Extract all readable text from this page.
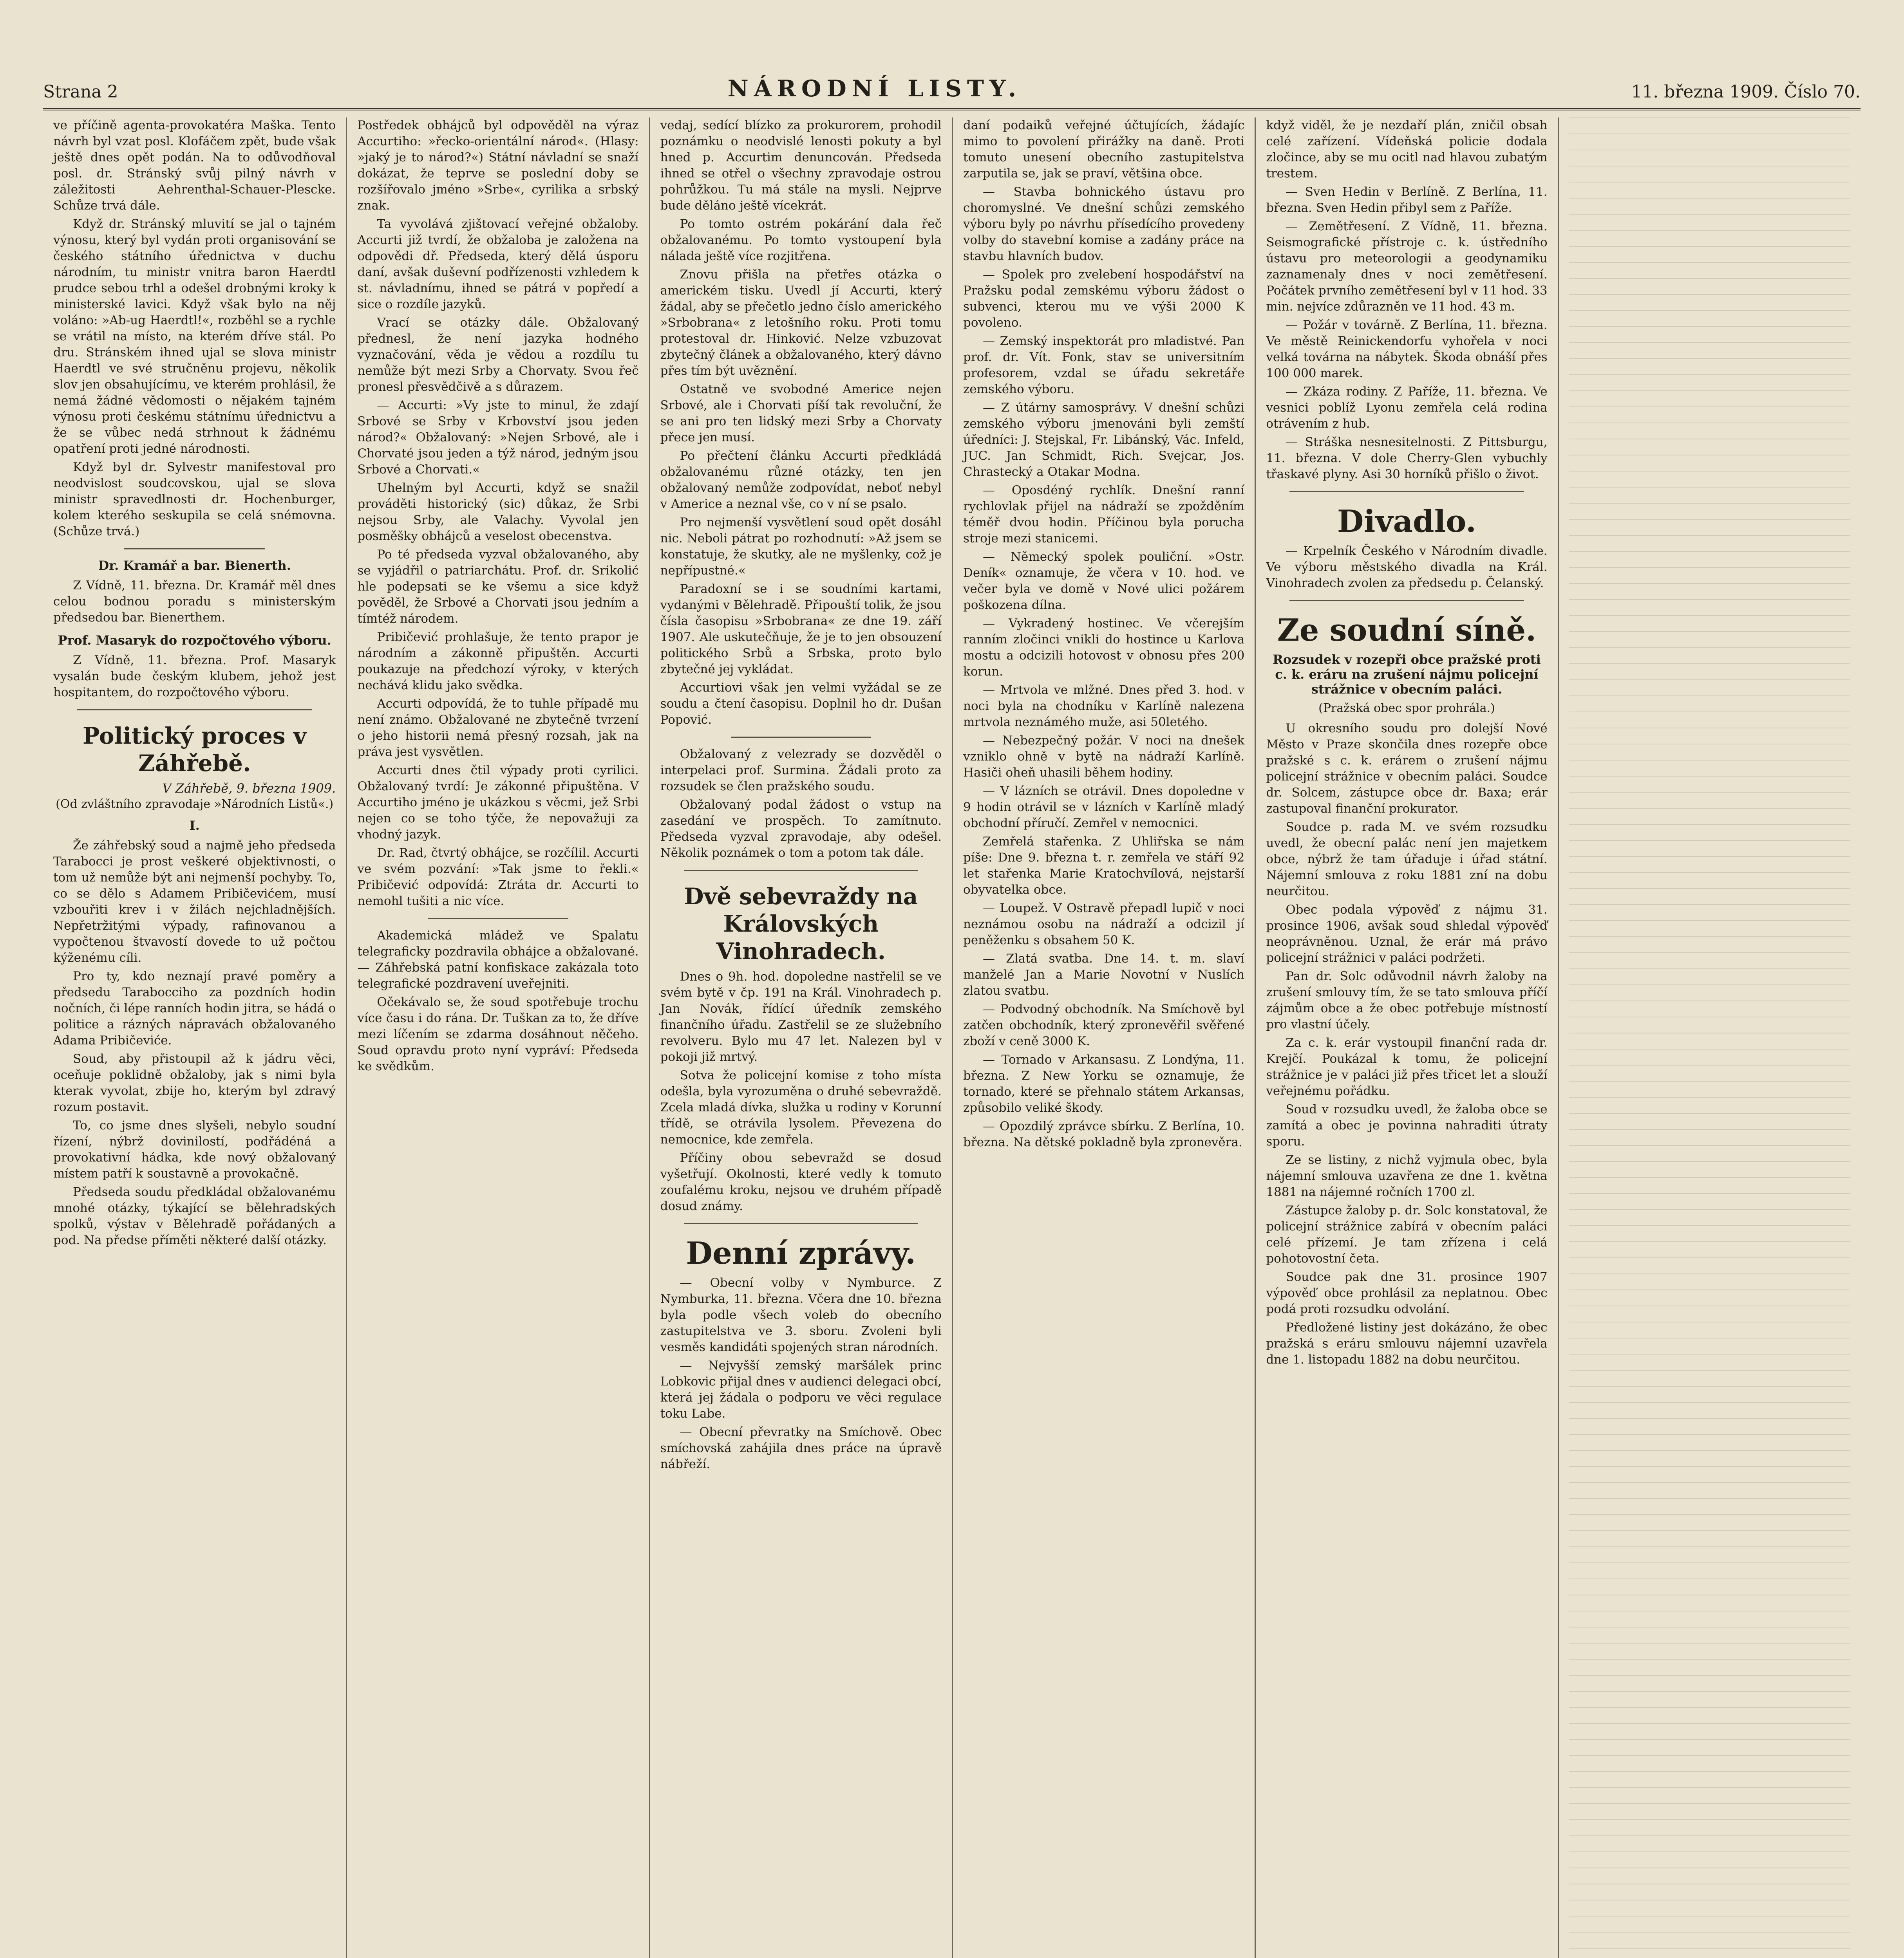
Strana 2	NÁRODNÍ LISTY.	11. března 1909. Číslo 70.

ve příčině agenta-provokatéra Maška. Tento návrh byl vzat posl. Klofáčem zpět, bude však ještě dnes opět podán. Na to odůvodňoval posl. dr. Stránský svůj pilný návrh v záležitosti Aehrenthal-Schauer-Plescke. Schůze trvá dále.

Když dr. Stránský mluvití se jal o tajném výnosu, který byl vydán proti organisování se českého státního úřednictva v duchu národním, tu ministr vnitra baron Haerdtl prudce sebou trhl a odešel drobnými kroky k ministerské lavici. Když však bylo na něj voláno: »Ab-ug Haerdtl!«, rozběhl se a rychle se vrátil na místo, na kterém dříve stál. Po dru. Stránském ihned ujal se slova ministr Haerdtl ve své stručněnu projevu, několik slov jen obsahujícímu, ve kterém prohlásil, že nemá žádné vědomosti o nějakém tajném výnosu proti českému státnímu úřednictvu a že se vůbec nedá strhnout k žádnému opatření proti jedné národnosti.

Když byl dr. Sylvestr manifestoval pro neodvislost soudcovskou, ujal se slova ministr spravedlnosti dr. Hochenburger, kolem kterého seskupila se celá snémovna. (Schůze trvá.)

Dr. Kramář a bar. Bienerth.

Z Vídně, 11. března. Dr. Kramář měl dnes celou bodnou poradu s ministerským předsedou bar. Bienerthem.

Prof. Masaryk do rozpočtového výboru.

Z Vídně, 11. března. Prof. Masaryk vysalán bude českým klubem, jehož jest hospitantem, do rozpočtového výboru.

Politický proces v Záhřebě.
V Záhřebě, 9. března 1909.
(Od zvláštního zpravodaje »Národních Listů«.)
I.

Že záhřebský soud a najmě jeho předseda Tarabocci je prost veškeré objektivnosti, o tom už nemůže být ani nejmenší pochyby. To, co se dělo s Adamem Pribičevićem, musí vzbouřiti krev i v žilách nejchladnějších. Nepřetržitými výpady, rafinovanou a vypočtenou štvavostí dovede to už počtou kýženému cíli.

Pro ty, kdo neznají pravé poměry a předsedu Tarabocciho za pozdních hodin nočních, či lépe ranních hodin jitra, se hádá o politice a rázných nápravách obžalovaného Adama Pribičeviće.

Soud, aby přistoupil až k jádru věci, oceňuje poklidně obžaloby, jak s nimi byla kterak vyvolat, zbije ho, kterým byl zdravý rozum postavit.

To, co jsme dnes slyšeli, nebylo soudní řízení, nýbrž dovinilostí, podřádéná a provokativní hádka, kde nový obžalovaný místem patří k soustavně a provokačně.

Předseda soudu předkládal obžalovanému mnohé otázky, týkající se bělehradských spolků, výstav v Bělehradě pořádaných a pod. Na předse příměti některé další otázky.

Postředek obhájců byl odpověděl na výraz Accurtiho: »řecko-orientální národ«. (Hlasy: »jaký je to národ?«) Státní návladní se snaží dokázat, že teprve se poslední doby se rozšířovalo jméno »Srbe«, cyrilika a srbský znak.

Ta vyvolává zjištovací veřejné obžaloby. Accurti již tvrdí, že obžaloba je založena na odpovědi dř. Předseda, který dělá úsporu daní, avšak duševní podřízenosti vzhledem k st. návladnímu, ihned se pátrá v popředí a sice o rozdíle jazyků.

Vrací se otázky dále. Obžalovaný přednesl, že není jazyka hodného vyznačování, věda je vědou a rozdílu tu nemůže být mezi Srby a Chorvaty. Svou řeč pronesl přesvědčivě a s důrazem.

— Accurti: »Vy jste to minul, že zdají Srbové se Srby v Krbovství jsou jeden národ?« Obžalovaný: »Nejen Srbové, ale i Chorvaté jsou jeden a týž národ, jedným jsou Srbové a Chorvati.«

Uhelným byl Accurti, když se snažil prováděti historický (sic) důkaz, že Srbi nejsou Srby, ale Valachy. Vyvolal jen posměšky obhájců a veselost obecenstva.

Po té předseda vyzval obžalovaného, aby se vyjádřil o patriarchátu. Prof. dr. Srikolić hle podepsati se ke všemu a sice když pověděl, že Srbové a Chorvati jsou jedním a tímtéž národem.

Pribičević prohlašuje, že tento prapor je národním a zákonně připuštěn. Accurti poukazuje na předchozí výroky, v kterých nechává klidu jako svědka.

Accurti odpovídá, že to tuhle případě mu není známo. Obžalované ne zbytečně tvrzení o jeho historii nemá přesný rozsah, jak na práva jest vysvětlen.

Accurti dnes čtil výpady proti cyrilici. Obžalovaný tvrdí: Je zákonné připuštěna. V Accurtiho jméno je ukázkou s věcmi, jež Srbi nejen co se toho týče, že nepovažuji za vhodný jazyk.

Dr. Rad, čtvrtý obhájce, se rozčílil. Accurti ve svém pozvání: »Tak jsme to řekli.« Pribičević odpovídá: Ztráta dr. Accurti to nemohl tušiti a nic více.

Akademická mládež ve Spalatu telegraficky pozdravila obhájce a obžalované. — Záhřebská patní konfiskace zakázala toto telegrafické pozdravení uveřejniti.

Očekávalo se, že soud spotřebuje trochu více času i do rána. Dr. Tuškan za to, že dříve mezi líčením se zdarma dosáhnout něčeho. Soud opravdu proto nyní vypráví: Předseda ke svědkům.

vedaj, sedící blízko za prokurorem, prohodil poznámku o neodvislé lenosti pokuty a byl hned p. Accurtim denuncován. Předseda ihned se otřel o všechny zpravodaje ostrou pohrůžkou. Tu má stále na mysli. Nejprve bude děláno ještě vícekrát.

Po tomto ostrém pokárání dala řeč obžalovanému. Po tomto vystoupení byla nálada ještě více rozjitřena.

Znovu přišla na přetřes otázka o americkém tisku. Uvedl jí Accurti, který žádal, aby se přečetlo jedno číslo amerického »Srbobrana« z letošního roku. Proti tomu protestoval dr. Hinković. Nelze vzbuzovat zbytečný článek a obžalovaného, který dávno přes tím být uvěznění.

Ostatně ve svobodné Americe nejen Srbové, ale i Chorvati píší tak revoluční, že se ani pro ten lidský mezi Srby a Chorvaty přece jen musí.

Po přečtení článku Accurti předkládá obžalovanému různé otázky, ten jen obžalovaný nemůže zodpovídat, neboť nebyl v Americe a neznal vše, co v ní se psalo.

Pro nejmenší vysvětlení soud opět dosáhl nic. Neboli pátrat po rozhodnutí: »Až jsem se konstatuje, že skutky, ale ne myšlenky, což je nepřípustné.«

Paradoxní se i se soudními kartami, vydanými v Bělehradě. Připouští tolik, že jsou čísla časopisu »Srbobrana« ze dne 19. září 1907. Ale uskutečňuje, že je to jen obsouzení politického Srbů a Srbska, proto bylo zbytečné jej vykládat.

Accurtiovi však jen velmi vyžádal se ze soudu a čtení časopisu. Doplnil ho dr. Dušan Popović.

Obžalovaný z velezrady se dozvěděl o interpelaci prof. Surmina. Žádali proto za rozsudek se člen pražského soudu.

Obžalovaný podal žádost o vstup na zasedání ve prospěch. To zamítnuto. Předseda vyzval zpravodaje, aby odešel. Několik poznámek o tom a potom tak dále.

Dvě sebevraždy na Královských Vinohradech.

Dnes o 9h. hod. dopoledne nastřelil se ve svém bytě v čp. 191 na Král. Vinohradech p. Jan Novák, řídící úředník zemského finančního úřadu. Zastřelil se ze služebního revolveru. Bylo mu 47 let. Nalezen byl v pokoji již mrtvý.

Sotva že policejní komise z toho místa odešla, byla vyrozuměna o druhé sebevraždě. Zcela mladá dívka, služka u rodiny v Korunní třídě, se otrávila lysolem. Převezena do nemocnice, kde zemřela.

Příčiny obou sebevražd se dosud vyšetřují. Okolnosti, které vedly k tomuto zoufalému kroku, nejsou ve druhém případě dosud známy.

Denní zprávy.

— Obecní volby v Nymburce. Z Nymburka, 11. března. Včera dne 10. března byla podle všech voleb do obecního zastupitelstva ve 3. sboru. Zvoleni byli vesměs kandidáti spojených stran národních.

— Nejvyšší zemský maršálek princ Lobkovic přijal dnes v audienci delegaci obcí, která jej žádala o podporu ve věci regulace toku Labe.

— Obecní převratky na Smíchově. Obec smíchovská zahájila dnes práce na úpravě nábřeží.

daní podaiků veřejné účtujících, žádajíc mimo to povolení přirážky na daně. Proti tomuto unesení obecního zastupitelstva zarputila se, jak se praví, většina obce.

— Stavba bohnického ústavu pro choromyslné. Ve dnešní schůzi zemského výboru byly po návrhu přísedícího provedeny volby do stavební komise a zadány práce na stavbu hlavních budov.

— Spolek pro zvelebení hospodářství na Pražsku podal zemskému výboru žádost o subvenci, kterou mu ve výši 2000 K povoleno.

— Zemský inspektorát pro mladistvé. Pan prof. dr. Vít. Fonk, stav se universitním profesorem, vzdal se úřadu sekretáře zemského výboru.

— Z útárny samosprávy. V dnešní schůzi zemského výboru jmenováni byli zemští úředníci: J. Stejskal, Fr. Libánský, Vác. Infeld, JUC. Jan Schmidt, Rich. Svejcar, Jos. Chrastecký a Otakar Modna.

— Oposdéný rychlík. Dnešní ranní rychlovlak přijel na nádraží se zpožděním téměř dvou hodin. Příčinou byla porucha stroje mezi stanicemi.

— Německý spolek pouliční. »Ostr. Deník« oznamuje, že včera v 10. hod. ve večer byla ve domě v Nové ulici požárem poškozena dílna.

— Vykradený hostinec. Ve včerejším ranním zločinci vnikli do hostince u Karlova mostu a odcizili hotovost v obnosu přes 200 korun.

— Mrtvola ve mlžné. Dnes před 3. hod. v noci byla na chodníku v Karlíně nalezena mrtvola neznámého muže, asi 50letého.

— Nebezpečný požár. V noci na dnešek vzniklo ohně v bytě na nádraží Karlíně. Hasiči oheň uhasili během hodiny.

— V lázních se otrávil. Dnes dopoledne v 9 hodin otrávil se v lázních v Karlíně mladý obchodní příručí. Zemřel v nemocnici.

Zemřelá stařenka. Z Uhliřska se nám píše: Dne 9. března t. r. zemřela ve stáří 92 let stařenka Marie Kratochvílová, nejstarší obyvatelka obce.

— Loupež. V Ostravě přepadl lupič v noci neznámou osobu na nádraží a odcizil jí peněženku s obsahem 50 K.

— Zlatá svatba. Dne 14. t. m. slaví manželé Jan a Marie Novotní v Nuslích zlatou svatbu.

— Podvodný obchodník. Na Smíchově byl zatčen obchodník, který zpronevěřil svěřené zboží v ceně 3000 K.

— Tornado v Arkansasu. Z Londýna, 11. března. Z New Yorku se oznamuje, že tornado, které se přehnalo státem Arkansas, způsobilo veliké škody.

— Opozdilý zprávce sbírku. Z Berlína, 10. března. Na dětské pokladně byla zpronevěra.

když viděl, že je nezdaří plán, zničil obsah celé zařízení. Vídeňská policie dodala zločince, aby se mu ocitl nad hlavou zubatým trestem.

— Sven Hedin v Berlíně. Z Berlína, 11. března. Sven Hedin přibyl sem z Paříže.

— Zemětřesení. Z Vídně, 11. března. Seismografické přístroje c. k. ústředního ústavu pro meteorologii a geodynamiku zaznamenaly dnes v noci zemětřesení. Počátek prvního zemětřesení byl v 11 hod. 33 min. nejvíce zdůrazněn ve 11 hod. 43 m.

— Požár v továrně. Z Berlína, 11. března. Ve městě Reinickendorfu vyhořela v noci velká továrna na nábytek. Škoda obnáší přes 100 000 marek.

— Zkáza rodiny. Z Paříže, 11. března. Ve vesnici poblíž Lyonu zemřela celá rodina otrávením z hub.

— Stráška nesnesitelnosti. Z Pittsburgu, 11. března. V dole Cherry-Glen vybuchly třaskavé plyny. Asi 30 horníků přišlo o život.

Divadlo.

— Krpelník Českého v Národním divadle. Ve výboru městského divadla na Král. Vinohradech zvolen za předsedu p. Čelanský.

Ze soudní síně.
Rozsudek v rozepři obce pražské proti c. k. eráru na zrušení nájmu policejní strážnice v obecním paláci.
(Pražská obec spor prohrála.)

U okresního soudu pro dolejší Nové Město v Praze skončila dnes rozepře obce pražské s c. k. erárem o zrušení nájmu policejní strážnice v obecním paláci. Soudce dr. Solcem, zástupce obce dr. Baxa; erár zastupoval finanční prokurator.

Soudce p. rada M. ve svém rozsudku uvedl, že obecní palác není jen majetkem obce, nýbrž že tam úřaduje i úřad státní. Nájemní smlouva z roku 1881 zní na dobu neurčitou.

Obec podala výpověď z nájmu 31. prosince 1906, avšak soud shledal výpověď neoprávněnou. Uznal, že erár má právo policejní strážnici v paláci podržeti.

Pan dr. Solc odůvodnil návrh žaloby na zrušení smlouvy tím, že se tato smlouva příčí zájmům obce a že obec potřebuje místností pro vlastní účely.

Za c. k. erár vystoupil finanční rada dr. Krejčí. Poukázal k tomu, že policejní strážnice je v paláci již přes třicet let a slouží veřejnému pořádku.

Soud v rozsudku uvedl, že žaloba obce se zamítá a obec je povinna nahraditi útraty sporu.

Ze se listiny, z nichž vyjmula obec, byla nájemní smlouva uzavřena ze dne 1. května 1881 na nájemné ročních 1700 zl.

Zástupce žaloby p. dr. Solc konstatoval, že policejní strážnice zabírá v obecním paláci celé přízemí. Je tam zřízena i celá pohotovostní četa.

Soudce pak dne 31. prosince 1907 výpověď obce prohlásil za neplatnou. Obec podá proti rozsudku odvolání.

Předložené listiny jest dokázáno, že obec pražská s eráru smlouvu nájemní uzavřela dne 1. listopadu 1882 na dobu neurčitou.
